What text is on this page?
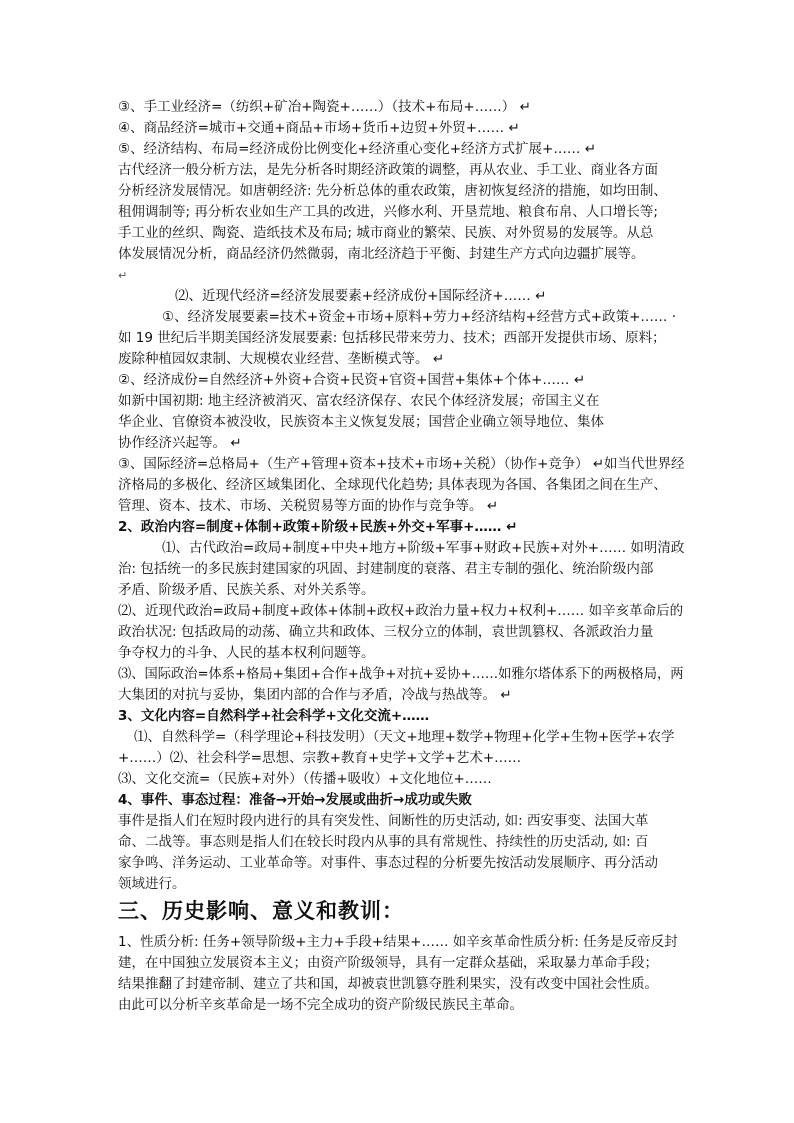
③、手工业经济=（纺织+矿冶+陶瓷+……）（技术+布局+……） ↵
④、商品经济=城市+交通+商品+市场+货币+边贸+外贸+…… ↵
⑤、经济结构、布局=经济成份比例变化+经济重心变化+经济方式扩展+…… ↵
古代经济一般分析方法，是先分析各时期经济政策的调整，再从农业、手工业、商业各方面
分析经济发展情况。如唐朝经济: 先分析总体的重农政策，唐初恢复经济的措施，如均田制、
租佣调制等; 再分析农业如生产工具的改进，兴修水利、开垦荒地、粮食布帛、人口增长等;
手工业的丝织、陶瓷、造纸技术及布局; 城市商业的繁荣、民族、对外贸易的发展等。从总
体发展情况分析，商品经济仍然微弱，南北经济趋于平衡、封建生产方式向边疆扩展等。
↵
⑵、近现代经济=经济发展要素+经济成份+国际经济+…… ↵
①、经济发展要素=技术+资金+市场+原料+劳力+经济结构+经营方式+政策+…… ·
如 19 世纪后半期美国经济发展要素: 包括移民带来劳力、技术；西部开发提供市场、原料；
废除种植园奴隶制、大规模农业经营、垄断模式等。 ↵
②、经济成份=自然经济+外资+合资+民资+官资+国营+集体+个体+…… ↵
如新中国初期: 地主经济被消灭、富农经济保存、农民个体经济发展；帝国主义在
华企业、官僚资本被没收，民族资本主义恢复发展；国营企业确立领导地位、集体
协作经济兴起等。 ↵
③、国际经济=总格局+（生产+管理+资本+技术+市场+关税）（协作+竞争） ↵如当代世界经
济格局的多极化、经济区域集团化、全球现代化趋势; 具体表现为各国、各集团之间在生产、
管理、资本、技术、市场、关税贸易等方面的协作与竞争等。 ↵
2、政治内容=制度+体制+政策+阶级+民族+外交+军事+…… ↵
⑴、古代政治=政局+制度+中央+地方+阶级+军事+财政+民族+对外+…… 如明清政
治: 包括统一的多民族封建国家的巩固、封建制度的衰落、君主专制的强化、统治阶级内部
矛盾、阶级矛盾、民族关系、对外关系等。
⑵、近现代政治=政局+制度+政体+体制+政权+政治力量+权力+权利+…… 如辛亥革命后的
政治状况: 包括政局的动荡、确立共和政体、三权分立的体制，袁世凯篡权、各派政治力量
争夺权力的斗争、人民的基本权利问题等。
⑶、国际政治=体系+格局+集团+合作+战争+对抗+妥协+……如雅尔塔体系下的两极格局，两
大集团的对抗与妥协，集团内部的合作与矛盾，冷战与热战等。 ↵
3、文化内容=自然科学+社会科学+文化交流+……
⑴、自然科学=（科学理论+科技发明）（天文+地理+数学+物理+化学+生物+医学+农学
+……）⑵、社会科学=思想、宗教+教育+史学+文学+艺术+……
⑶、文化交流=（民族+对外）（传播+吸收）+文化地位+……
4、事件、事态过程：准备→开始→发展或曲折→成功或失败
事件是指人们在短时段内进行的具有突发性、间断性的历史活动, 如: 西安事变、法国大革
命、二战等。事态则是指人们在较长时段内从事的具有常规性、持续性的历史活动, 如: 百
家争鸣、洋务运动、工业革命等。对事件、事态过程的分析要先按活动发展顺序、再分活动
领域进行。
三、历史影响、意义和教训：
1、性质分析: 任务+领导阶级+主力+手段+结果+…… 如辛亥革命性质分析: 任务是反帝反封
建，在中国独立发展资本主义；由资产阶级领导，具有一定群众基础，采取暴力革命手段；
结果推翻了封建帝制、建立了共和国，却被袁世凯篡夺胜利果实，没有改变中国社会性质。
由此可以分析辛亥革命是一场不完全成功的资产阶级民族民主革命。
